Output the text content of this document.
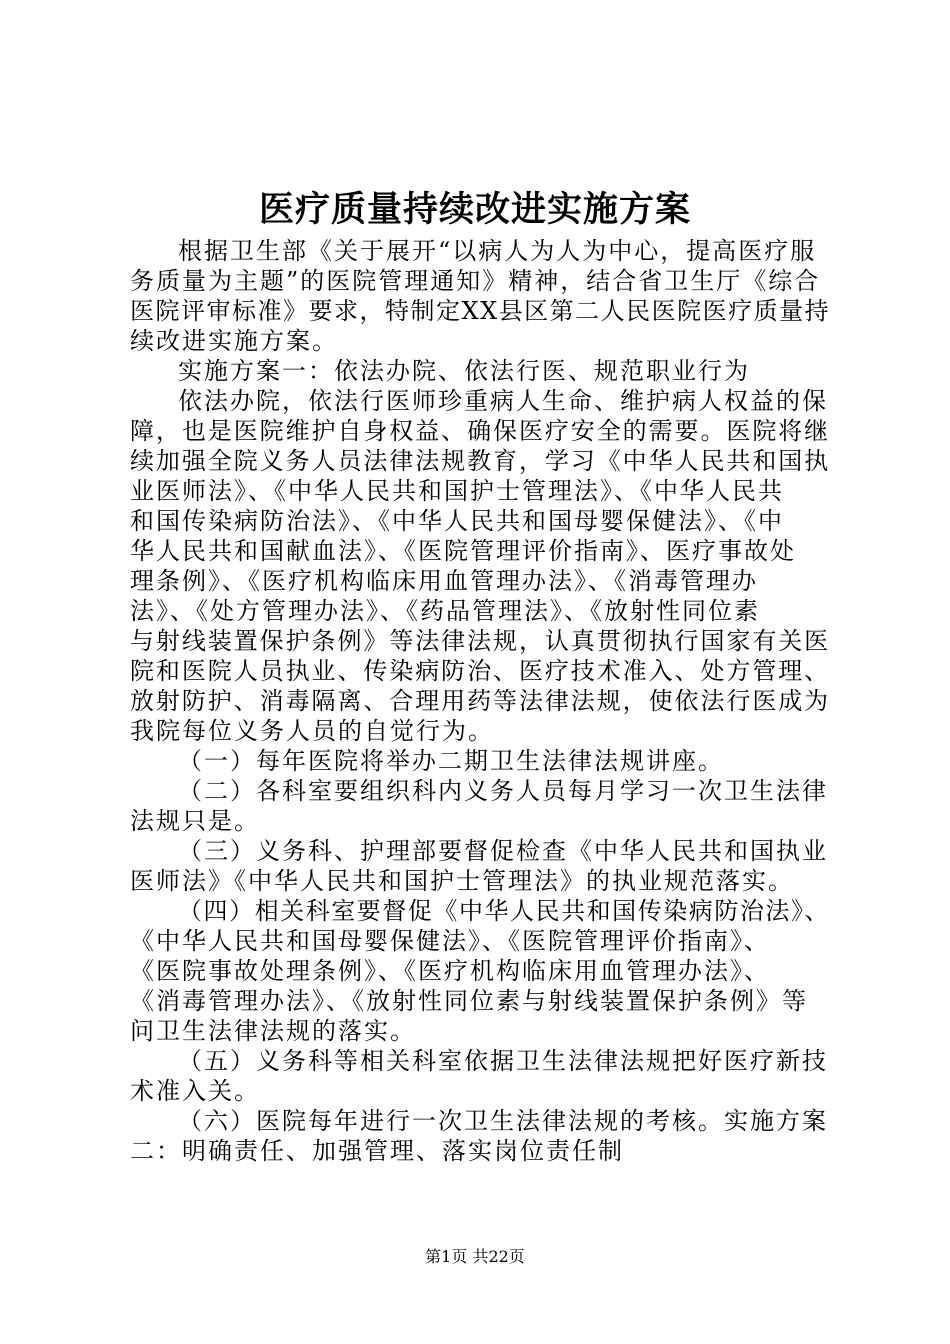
医疗质量持续改进实施方案
根据卫生部《关于展开“以病人为人为中心，提高医疗服
务质量为主题”的医院管理通知》精神，结合省卫生厅《综合
医院评审标准》要求，特制定XX县区第二人民医院医疗质量持
续改进实施方案。
实施方案一：依法办院、依法行医、规范职业行为
依法办院，依法行医师珍重病人生命、维护病人权益的保
障，也是医院维护自身权益、确保医疗安全的需要。医院将继
续加强全院义务人员法律法规教育，学习《中华人民共和国执
业医师法》、《中华人民共和国护士管理法》、《中华人民共
和国传染病防治法》、《中华人民共和国母婴保健法》、《中
华人民共和国献血法》、《医院管理评价指南》、医疗事故处
理条例》、《医疗机构临床用血管理办法》、《消毒管理办
法》、《处方管理办法》、《药品管理法》、《放射性同位素
与射线装置保护条例》等法律法规，认真贯彻执行国家有关医
院和医院人员执业、传染病防治、医疗技术准入、处方管理、
放射防护、消毒隔离、合理用药等法律法规，使依法行医成为
我院每位义务人员的自觉行为。
（一）每年医院将举办二期卫生法律法规讲座。
（二）各科室要组织科内义务人员每月学习一次卫生法律
法规只是。
（三）义务科、护理部要督促检查《中华人民共和国执业
医师法》《中华人民共和国护士管理法》的执业规范落实。
（四）相关科室要督促《中华人民共和国传染病防治法》、
《中华人民共和国母婴保健法》、《医院管理评价指南》、
《医院事故处理条例》、《医疗机构临床用血管理办法》、
《消毒管理办法》、《放射性同位素与射线装置保护条例》等
问卫生法律法规的落实。
（五）义务科等相关科室依据卫生法律法规把好医疗新技
术准入关。
（六）医院每年进行一次卫生法律法规的考核。实施方案
二：明确责任、加强管理、落实岗位责任制
第1页 共22页
